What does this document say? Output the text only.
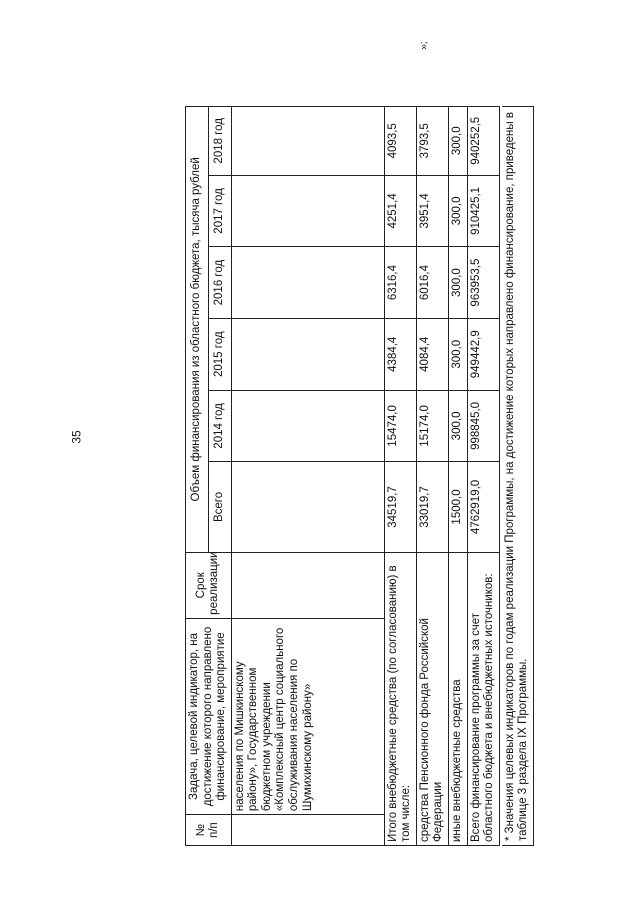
35
»;
№ п/п	Задача, целевой индикатор, на достижение которого направлено финансирование, мероприятие	Срок реализации	Объем финансирования из областного бюджета, тысяча рублей					
			Всего	2014 год	2015 год	2016 год	2017 год	2018 год
	населения по Мишкинскому району», Государственном бюджетном учреждении «Комплексный центр социального обслуживания населения по Шумихинскому району»							
Итого внебюджетные средства (по согласованию) в том числе:			34519,7	15474,0	4384,4	6316,4	4251,4	4093,5
средства Пенсионного фонда Российской Федерации			33019,7	15174,0	4084,4	6016,4	3951,4	3793,5
иные внебюджетные средства			1500,0	300,0	300,0	300,0	300,0	300,0
Всего финансирование программы за счет областного бюджета и внебюджетных источников:			4762919,0	998845,0	949442,9	963953,5	910425,1	940252,5 * Значения целевых индикаторов по годам реализации Программы, на достижение которых направлено финансирование, приведены в таблице 3 раздела IX Программы.
